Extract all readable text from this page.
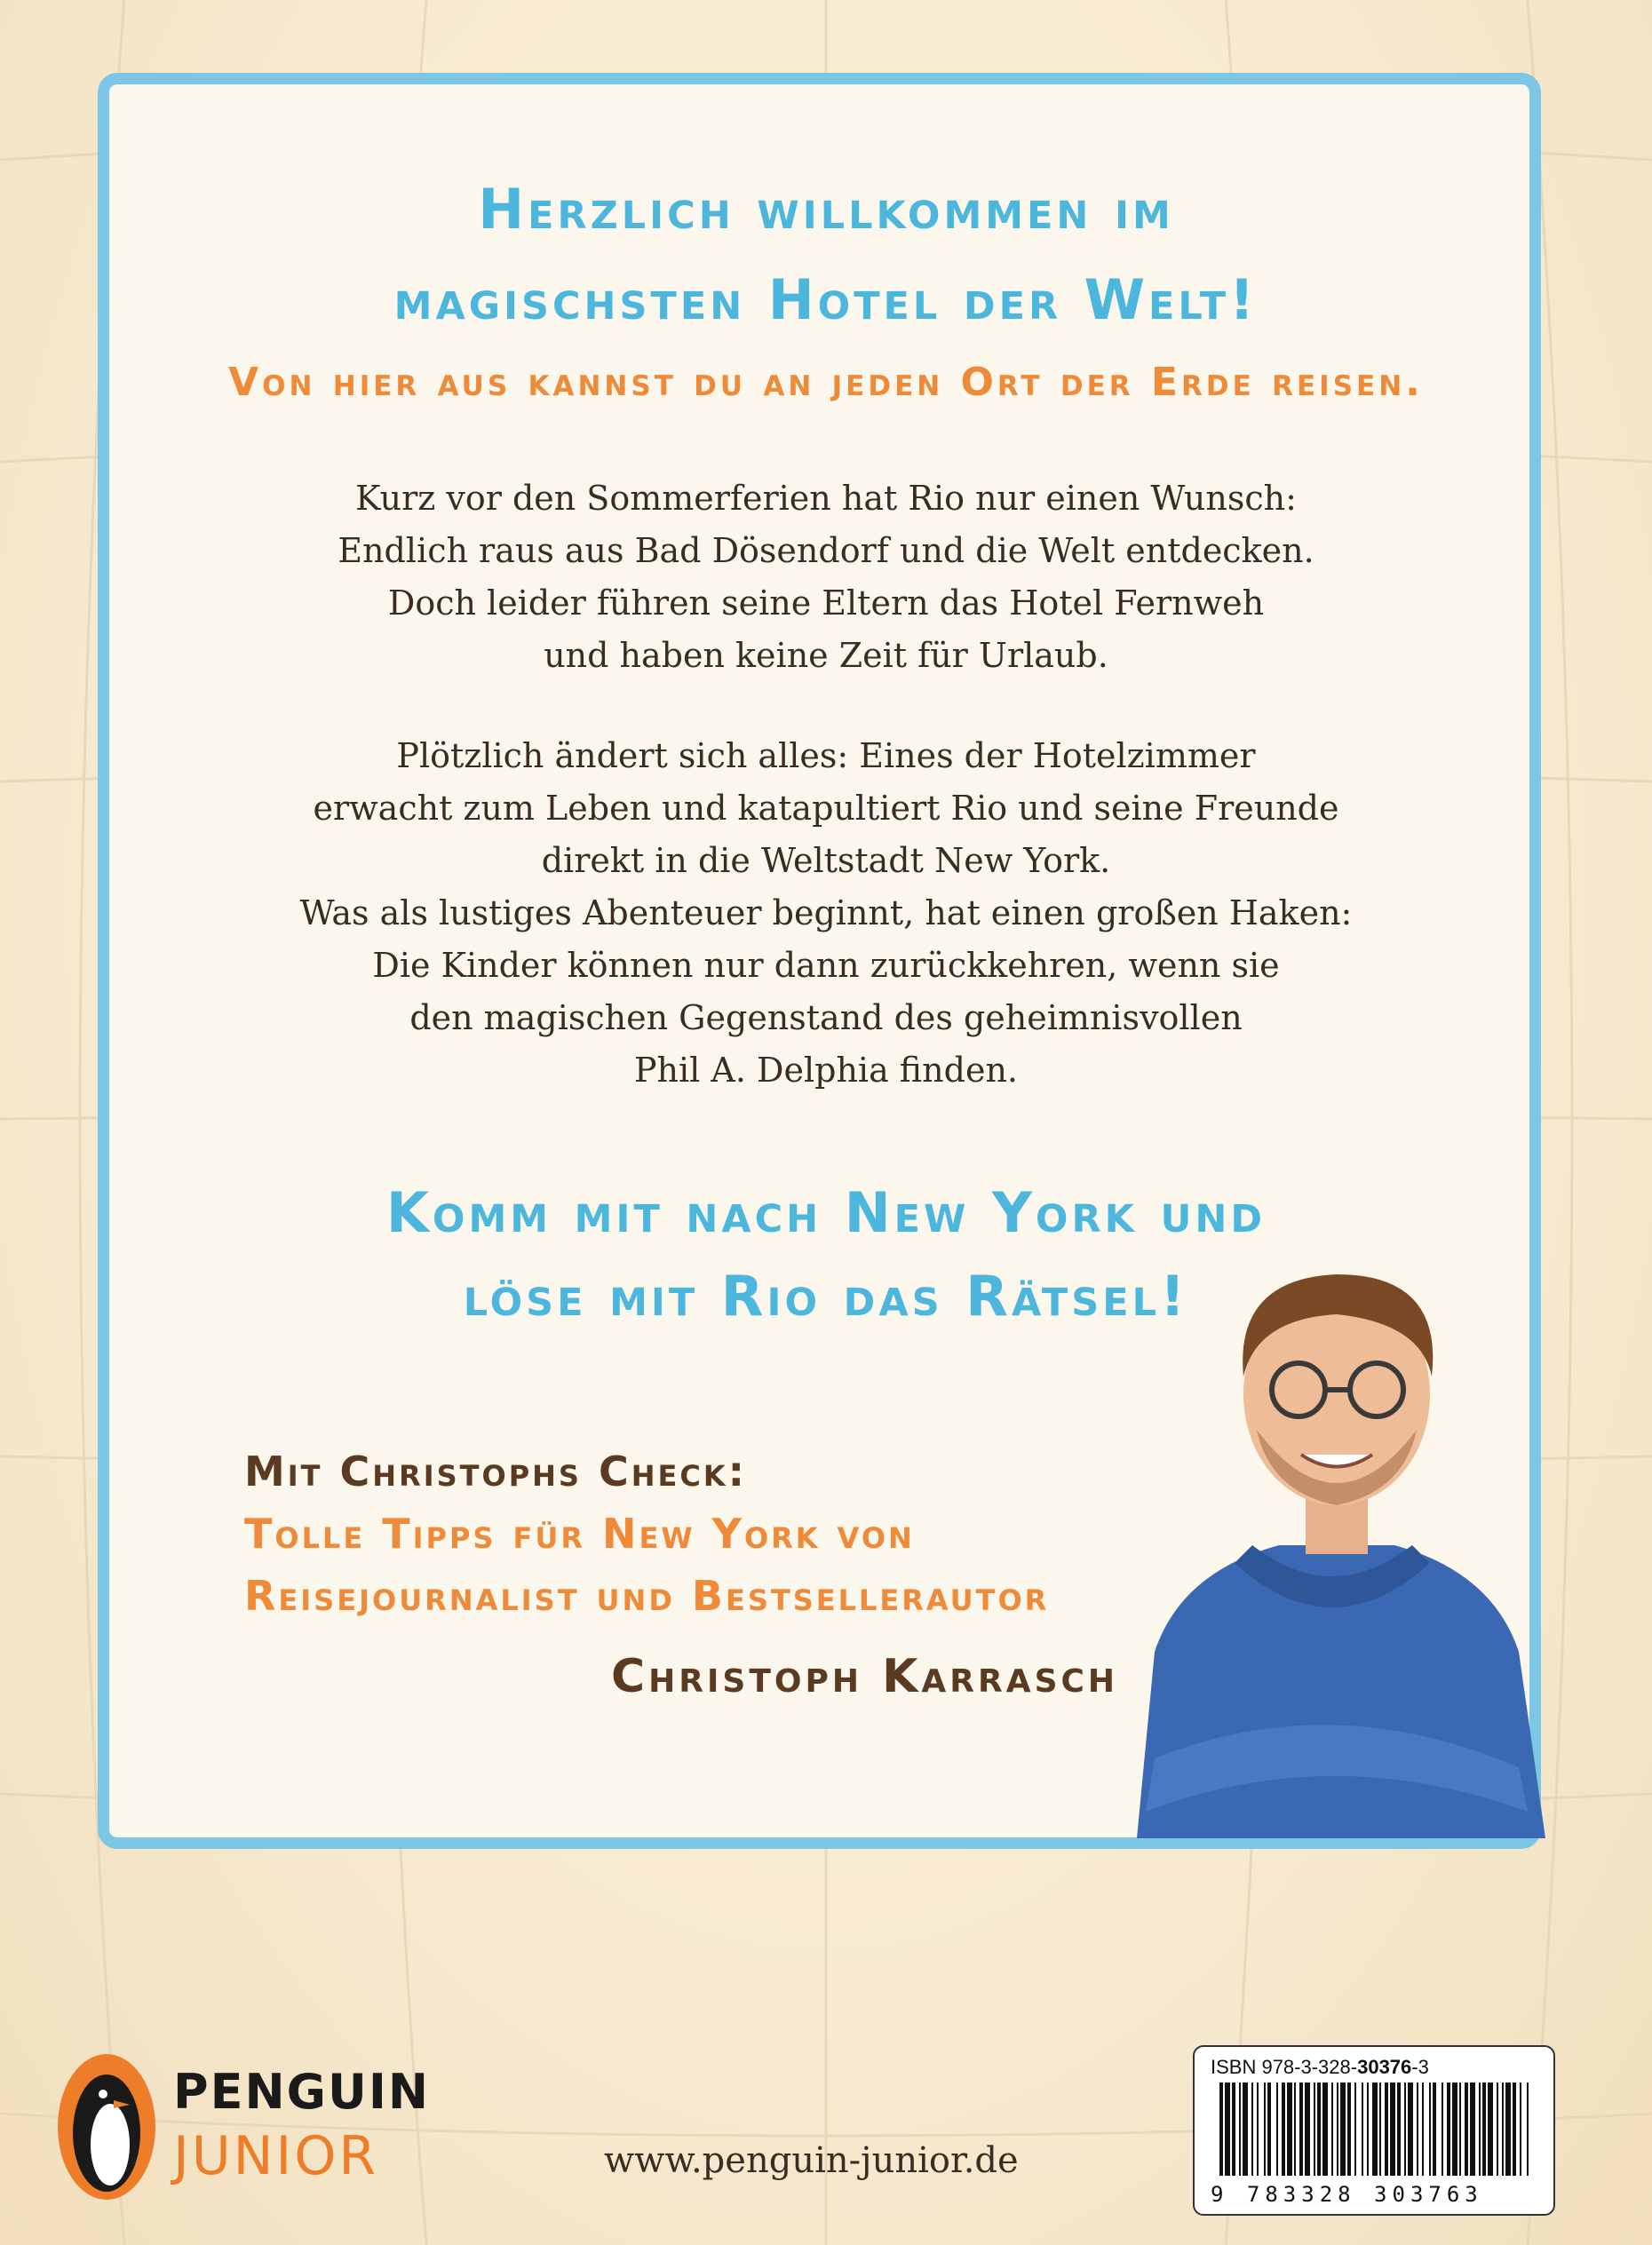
Herzlich willkommen im
magischsten Hotel der Welt!
Von hier aus kannst du an jeden Ort der Erde reisen.
Kurz vor den Sommerferien hat Rio nur einen Wunsch:
Endlich raus aus Bad Dösendorf und die Welt entdecken.
Doch leider führen seine Eltern das Hotel Fernweh
und haben keine Zeit für Urlaub.
Plötzlich ändert sich alles: Eines der Hotelzimmer
erwacht zum Leben und katapultiert Rio und seine Freunde
direkt in die Weltstadt New York.
Was als lustiges Abenteuer beginnt, hat einen großen Haken:
Die Kinder können nur dann zurückkehren, wenn sie
den magischen Gegenstand des geheimnisvollen
Phil A. Delphia finden.
Komm mit nach New York und
löse mit Rio das Rätsel!
Mit Christophs Check:
Tolle Tipps für New York von
Reisejournalist und Bestsellerautor
Christoph Karrasch
PENGUIN
JUNIOR	www.penguin-junior.de
ISBN 978-3-328-30376-3
9 783328 303763
